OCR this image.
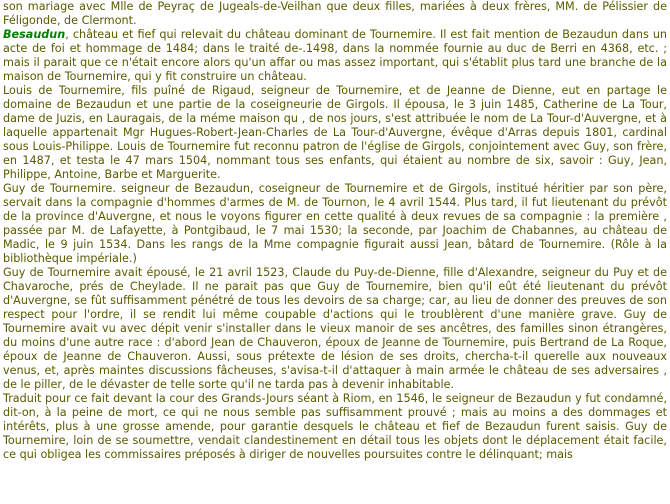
son mariage avec Mlle de Peyraç de Jugeals-de-Veilhan que deux filles, mariées à deux frères, MM. de Pélissier de Féligonde, de Clermont.

Besaudun, château et fief qui relevait du château dominant de Tournemire. Il est fait mention de Bezaudun dans un acte de foi et hommage de 1484; dans le traité de-.1498, dans la nommée fournie au duc de Berri en 4368, etc. ; mais il parait que ce n'était encore alors qu'un affar ou mas assez important, qui s'établit plus tard une branche de la maison de Tournemire, qui y fit construire un château.

Louis de Tournemire, fils puîné de Rigaud, seigneur de Tournemire, et de Jeanne de Dienne, eut en partage le domaine de Bezaudun et une partie de la coseigneurie de Girgols. Il épousa, le 3 juin 1485, Catherine de La Tour, dame de Juzis, en Lauragais, de la méme maison qu , de nos jours, s'est attribuée le nom de La Tour-d'Auvergne, et à laquelle appartenait Mgr Hugues-Robert-Jean-Charles de La Tour-d'Auvergne, évêque d'Arras depuis 1801, cardinal sous Louis-Philippe. Louis de Tournemire fut reconnu patron de l'église de Girgols, conjointement avec Guy, son frère, en 1487, et testa le 47 mars 1504, nommant tous ses enfants, qui étaient au nombre de six, savoir : Guy, Jean, Philippe, Antoine, Barbe et Marguerite.

Guy de Tournemire. seigneur de Bezaudun, coseigneur de Tournemire et de Girgols, institué héritier par son père, servait dans la compagnie d'hommes d'armes de M. de Tournon, le 4 avril 1544. Plus tard, il fut lieutenant du prévôt de la province d'Auvergne, et nous le voyons figurer en cette qualité à deux revues de sa compagnie : la première , passée par M. de Lafayette, à Pontgibaud, le 7 mai 1530; la seconde, par Joachim de Chabannes, au château de Madic, le 9 juin 1534. Dans les rangs de la Mme compagnie figurait aussi Jean, bâtard de Tournemire. (Rôle à la bibliothèque impériale.)

Guy de Tournemire avait épousé, le 21 avril 1523, Claude du Puy-de-Dienne, fille d'Alexandre, seigneur du Puy et de Chavaroche, prés de Cheylade. Il ne parait pas que Guy de Tournemire, bien qu'il eût été lieutenant du prévôt d'Auvergne, se fût suffisamment pénétré de tous les devoirs de sa charge; car, au lieu de donner des preuves de son respect pour l'ordre, il se rendit lui même coupable d'actions qui le troublèrent d'une manière grave. Guy de Tournemire avait vu avec dépit venir s'installer dans le vieux manoir de ses ancêtres, des familles sinon étrangères, du moins d'une autre race : d'abord Jean de Chauveron, époux de Jeanne de Tournemire, puis Bertrand de La Roque, époux de Jeanne de Chauveron. Aussi, sous prétexte de lésion de ses droits, chercha-t-il querelle aux nouveaux venus, et, après maintes discussions fâcheuses, s'avisa-t-il d'attaquer à main armée le château de ses adversaires , de le piller, de le dévaster de telle sorte qu'il ne tarda pas à devenir inhabitable.

Traduit pour ce fait devant la cour des Grands-Jours séant à Riom, en 1546, le seigneur de Bezaudun y fut condamné, dit-on, à la peine de mort, ce qui ne nous semble pas suffisamment prouvé ; mais au moins a des dommages et intérêts, plus à une grosse amende, pour garantie desquels le château et fief de Bezaudun furent saisis. Guy de Tournemire, loin de se soumettre, vendait clandestinement en détail tous les objets dont le déplacement était facile, ce qui obligea les commissaires préposés à diriger de nouvelles poursuites contre le délinquant; mais
